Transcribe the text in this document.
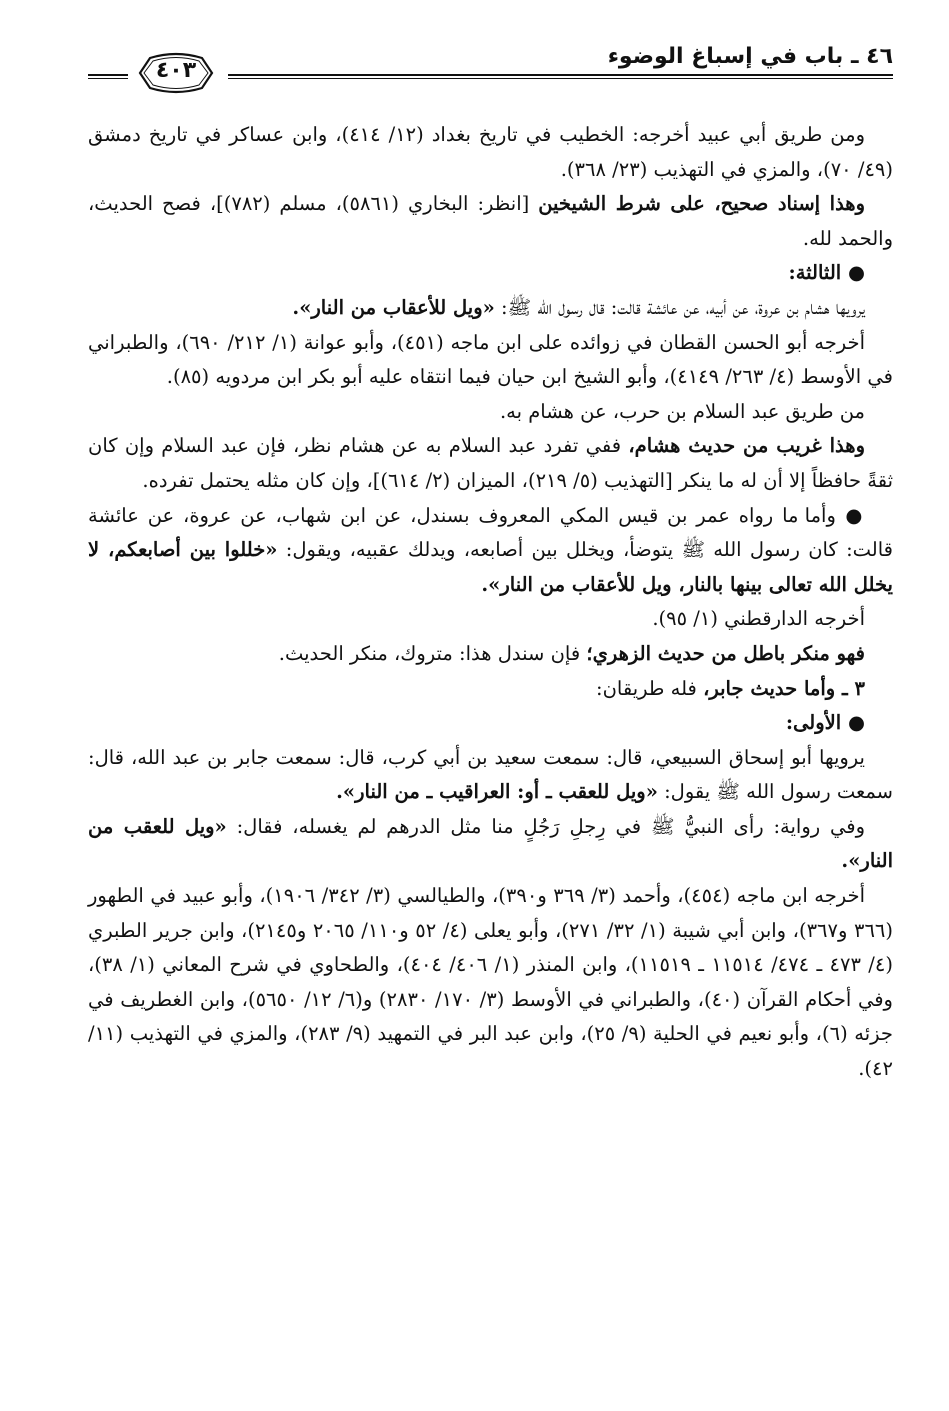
٤٠٣
٤٦ ـ باب في إسباغ الوضوء

ومن طريق أبي عبيد أخرجه: الخطيب في تاريخ بغداد (١٢/ ٤١٤)، وابن عساكر في تاريخ دمشق (٤٩/ ٧٠)، والمزي في التهذيب (٢٣/ ٣٦٨).

وهذا إسناد صحيح، على شرط الشيخين [انظر: البخاري (٥٨٦١)، مسلم (٧٨٢)]، فصح الحديث، والحمد لله.

● الثالثة:

يرويها هشام بن عروة، عن أبيه، عن عائشة قالت: قال رسول الله ﷺ: «ويل للأعقاب من النار».

أخرجه أبو الحسن القطان في زوائده على ابن ماجه (٤٥١)، وأبو عوانة (١/ ٢١٢/ ٦٩٠)، والطبراني في الأوسط (٤/ ٢٦٣/ ٤١٤٩)، وأبو الشيخ ابن حيان فيما انتقاه عليه أبو بكر ابن مردويه (٨٥).

من طريق عبد السلام بن حرب، عن هشام به.

وهذا غريب من حديث هشام، ففي تفرد عبد السلام به عن هشام نظر، فإن عبد السلام وإن كان ثقةً حافظاً إلا أن له ما ينكر [التهذيب (٥/ ٢١٩)، الميزان (٢/ ٦١٤)]، وإن كان مثله يحتمل تفرده.

● وأما ما رواه عمر بن قيس المكي المعروف بسندل، عن ابن شهاب، عن عروة، عن عائشة قالت: كان رسول الله ﷺ يتوضأ، ويخلل بين أصابعه، ويدلك عقبيه، ويقول: «خللوا بين أصابعكم، لا يخلل الله تعالى بينها بالنار، ويل للأعقاب من النار».

أخرجه الدارقطني (١/ ٩٥).

فهو منكر باطل من حديث الزهري؛ فإن سندل هذا: متروك، منكر الحديث.

٣ ـ وأما حديث جابر، فله طريقان:

● الأولى:

يرويها أبو إسحاق السبيعي، قال: سمعت سعيد بن أبي كرب، قال: سمعت جابر بن عبد الله، قال: سمعت رسول الله ﷺ يقول: «ويل للعقب ـ أو: العراقيب ـ من النار».

وفي رواية: رأى النبيُّ ﷺ في رِجلِ رَجُلٍ منا مثل الدرهم لم يغسله، فقال: «ويل للعقب من النار».

أخرجه ابن ماجه (٤٥٤)، وأحمد (٣/ ٣٦٩ و٣٩٠)، والطيالسي (٣/ ٣٤٢/ ١٩٠٦)، وأبو عبيد في الطهور (٣٦٦ و٣٦٧)، وابن أبي شيبة (١/ ٣٢/ ٢٧١)، وأبو يعلى (٤/ ٥٢ و١١٠/ ٢٠٦٥ و٢١٤٥)، وابن جرير الطبري (٤/ ٤٧٣ ـ ٤٧٤/ ١١٥١٤ ـ ١١٥١٩)، وابن المنذر (١/ ٤٠٦/ ٤٠٤)، والطحاوي في شرح المعاني (١/ ٣٨)، وفي أحكام القرآن (٤٠)، والطبراني في الأوسط (٣/ ١٧٠/ ٢٨٣٠) و(٦/ ١٢/ ٥٦٥٠)، وابن الغطريف في جزئه (٦)، وأبو نعيم في الحلية (٩/ ٢٥)، وابن عبد البر في التمهيد (٩/ ٢٨٣)، والمزي في التهذيب (١١/ ٤٢).
